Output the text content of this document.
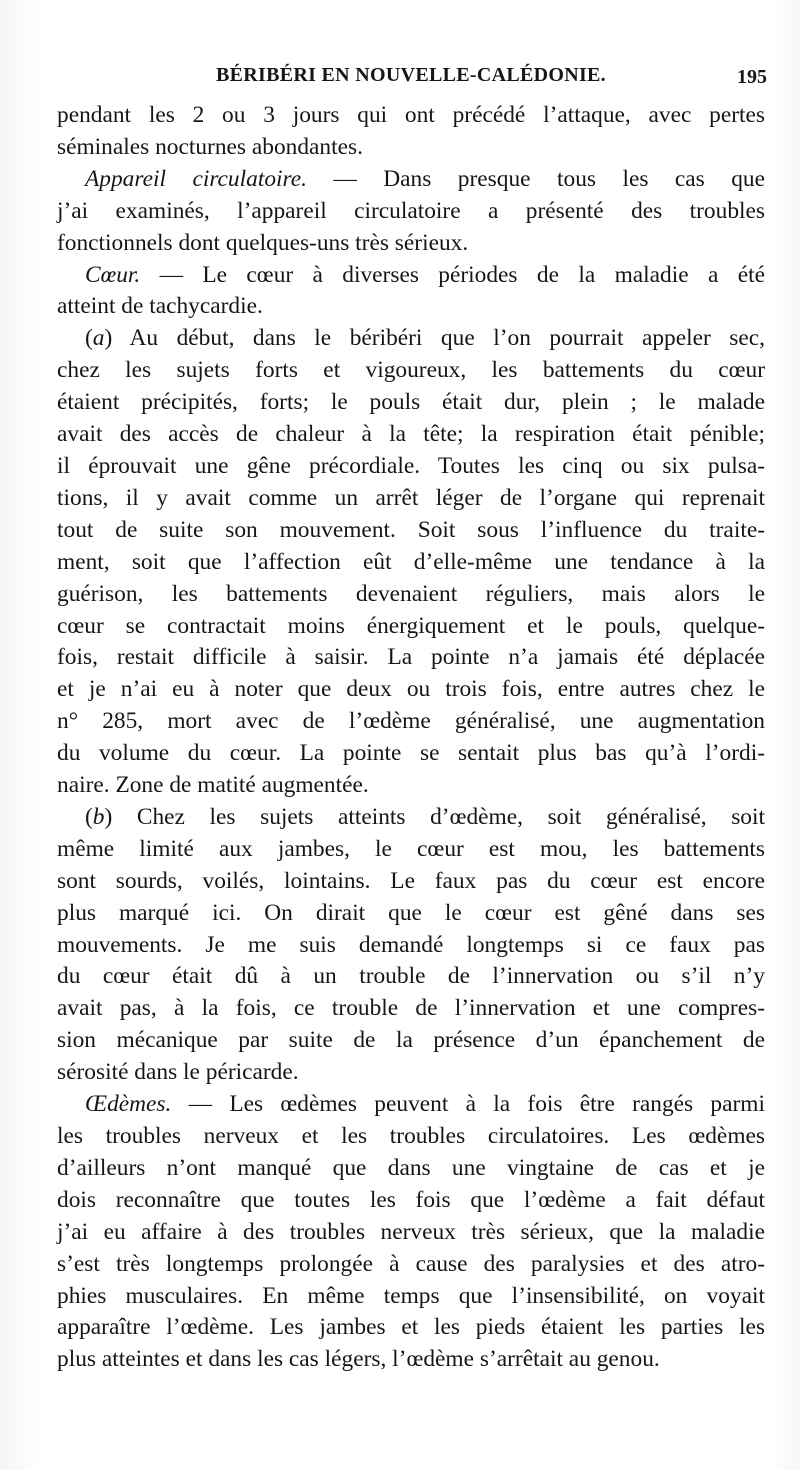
BÉRIBÉRI EN NOUVELLE-CALÉDONIE.	195
pendant les 2 ou 3 jours qui ont précédé l’attaque, avec pertes
séminales nocturnes abondantes.
Appareil circulatoire. — Dans presque tous les cas que
j’ai examinés, l’appareil circulatoire a présenté des troubles
fonctionnels dont quelques-uns très sérieux.
Cœur. — Le cœur à diverses périodes de la maladie a été
atteint de tachycardie.
(a) Au début, dans le béribéri que l’on pourrait appeler sec,
chez les sujets forts et vigoureux, les battements du cœur
étaient précipités, forts; le pouls était dur, plein ; le malade
avait des accès de chaleur à la tête; la respiration était pénible;
il éprouvait une gêne précordiale. Toutes les cinq ou six pulsa-
tions, il y avait comme un arrêt léger de l’organe qui reprenait
tout de suite son mouvement. Soit sous l’influence du traite-
ment, soit que l’affection eût d’elle-même une tendance à la
guérison, les battements devenaient réguliers, mais alors le
cœur se contractait moins énergiquement et le pouls, quelque-
fois, restait difficile à saisir. La pointe n’a jamais été déplacée
et je n’ai eu à noter que deux ou trois fois, entre autres chez le
n° 285, mort avec de l’œdème généralisé, une augmentation
du volume du cœur. La pointe se sentait plus bas qu’à l’ordi-
naire. Zone de matité augmentée.
(b) Chez les sujets atteints d’œdème, soit généralisé, soit
même limité aux jambes, le cœur est mou, les battements
sont sourds, voilés, lointains. Le faux pas du cœur est encore
plus marqué ici. On dirait que le cœur est gêné dans ses
mouvements. Je me suis demandé longtemps si ce faux pas
du cœur était dû à un trouble de l’innervation ou s’il n’y
avait pas, à la fois, ce trouble de l’innervation et une compres-
sion mécanique par suite de la présence d’un épanchement de
sérosité dans le péricarde.
Œdèmes. — Les œdèmes peuvent à la fois être rangés parmi
les troubles nerveux et les troubles circulatoires. Les œdèmes
d’ailleurs n’ont manqué que dans une vingtaine de cas et je
dois reconnaître que toutes les fois que l’œdème a fait défaut
j’ai eu affaire à des troubles nerveux très sérieux, que la maladie
s’est très longtemps prolongée à cause des paralysies et des atro-
phies musculaires. En même temps que l’insensibilité, on voyait
apparaître l’œdème. Les jambes et les pieds étaient les parties les
plus atteintes et dans les cas légers, l’œdème s’arrêtait au genou.
